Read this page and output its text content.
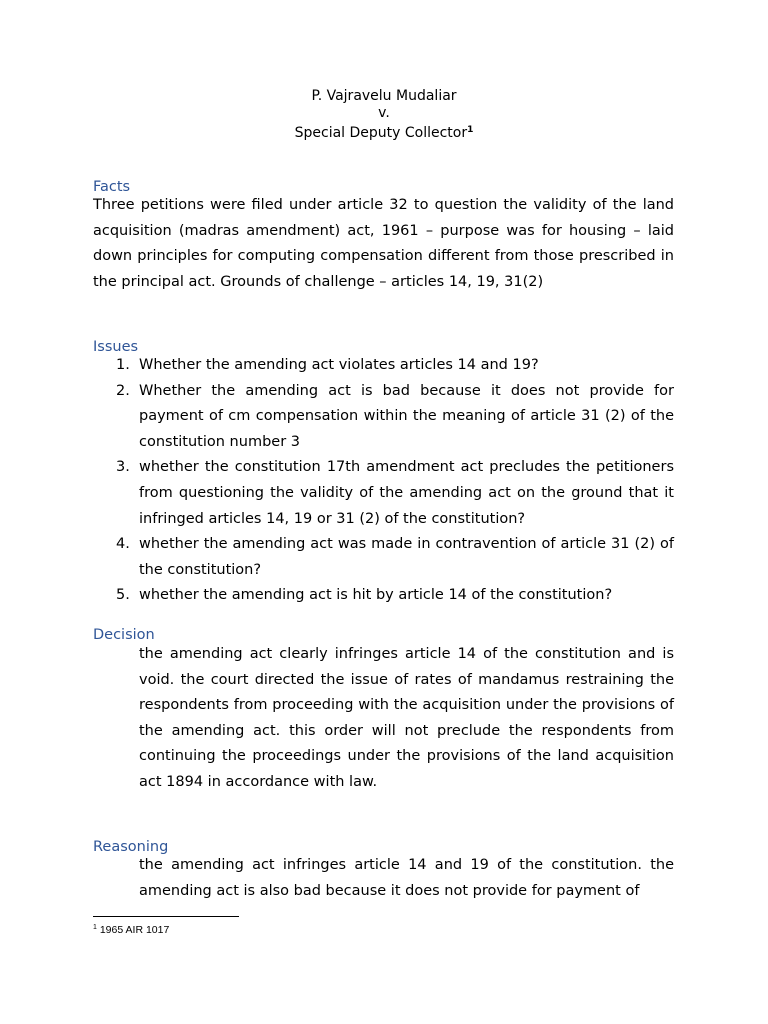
P. Vajravelu Mudaliar
v.
Special Deputy Collector$^1$
Facts
Three petitions were filed under article 32 to question the validity of the land acquisition (madras amendment) act, 1961 – purpose was for housing – laid down principles for computing compensation different from those prescribed in the principal act. Grounds of challenge – articles 14, 19, 31(2)
Issues
1. Whether the amending act violates articles 14 and 19?
2. Whether the amending act is bad because it does not provide for payment of cm compensation within the meaning of article 31 (2) of the constitution number 3
3. whether the constitution 17th amendment act precludes the petitioners from questioning the validity of the amending act on the ground that it infringed articles 14, 19 or 31 (2) of the constitution?
4. whether the amending act was made in contravention of article 31 (2) of the constitution?
5. whether the amending act is hit by article 14 of the constitution?
Decision
the amending act clearly infringes article 14 of the constitution and is void. the court directed the issue of rates of mandamus restraining the respondents from proceeding with the acquisition under the provisions of the amending act. this order will not preclude the respondents from continuing the proceedings under the provisions of the land acquisition act 1894 in accordance with law.
Reasoning
the amending act infringes article 14 and 19 of the constitution. the amending act is also bad because it does not provide for payment of
$^1$ 1965 AIR 1017
